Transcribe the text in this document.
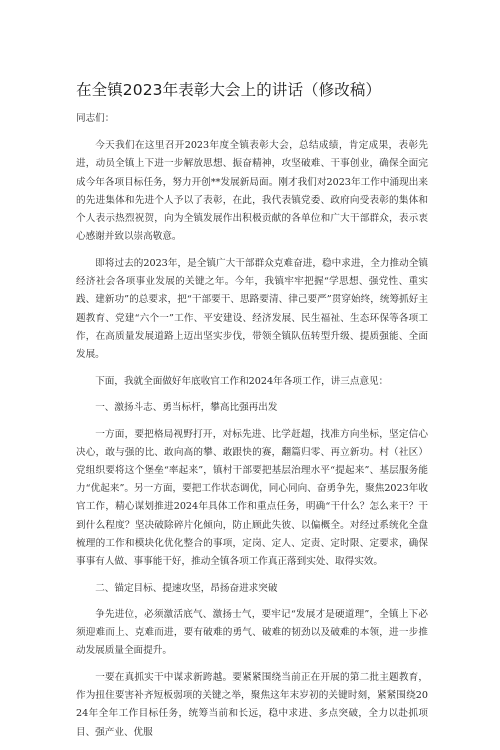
在全镇2023年表彰大会上的讲话（修改稿）

同志们：

今天我们在这里召开2023年度全镇表彰大会，总结成绩，肯定成果，表彰先进，动员全镇上下进一步解放思想、振奋精神，攻坚破难、干事创业，确保全面完成今年各项目标任务，努力开创**发展新局面。刚才我们对2023年工作中涌现出来的先进集体和先进个人予以了表彰，在此，我代表镇党委、政府向受表彰的集体和个人表示热烈祝贺，向为全镇发展作出积极贡献的各单位和广大干部群众，表示衷心感谢并致以崇高敬意。

即将过去的2023年，是全镇广大干部群众克难奋进，稳中求进，全力推动全镇经济社会各项事业发展的关键之年。今年，我镇牢牢把握“学思想、强党性、重实践、建新功”的总要求，把“干部要干、思路要清、律己要严”贯穿始终，统筹抓好主题教育、党建“六个一”工作、平安建设、经济发展、民生福祉、生态环保等各项工作，在高质量发展道路上迈出坚实步伐，带领全镇队伍转型升级、提质强能、全面发展。

下面，我就全面做好年底收官工作和2024年各项工作，讲三点意见：

一、激扬斗志、勇当标杆，攀高比强再出发

一方面，要把格局视野打开，对标先进、比学赶超，找准方向坐标，坚定信心决心，敢与强的比、敢向高的攀、敢跟快的赛，翻篇归零、再立新功。村（社区）党组织要将这个堡垒“率起来”，镇村干部要把基层治理水平“提起来”、基层服务能力“优起来”。另一方面，要把工作状态调优，同心同向、奋勇争先，聚焦2023年收官工作，精心谋划推进2024年具体工作和重点任务，明确“干什么？怎么来干？干到什么程度？坚决破除碎片化倾向，防止顾此失彼、以偏概全。对经过系统化全盘梳理的工作和模块化优化整合的事项，定岗、定人、定责、定时限、定要求，确保事事有人做、事事能干好，推动全镇各项工作真正落到实处、取得实效。

二、锚定目标、提速攻坚，昂扬奋进求突破

争先进位，必须激活底气、激扬士气，要牢记“发展才是硬道理”，全镇上下必须迎难而上、克难而进，要有破难的勇气、破难的韧劲以及破难的本领，进一步推动发展质量全面提升。

一要在真抓实干中谋求新跨越。要紧紧围绕当前正在开展的第二批主题教育，作为扭住要害补齐短板弱项的关键之举，聚焦这年末岁初的关键时刻，紧紧围绕2024年全年工作目标任务，统筹当前和长远，稳中求进、多点突破，全力以赴抓项目、强产业、优服
